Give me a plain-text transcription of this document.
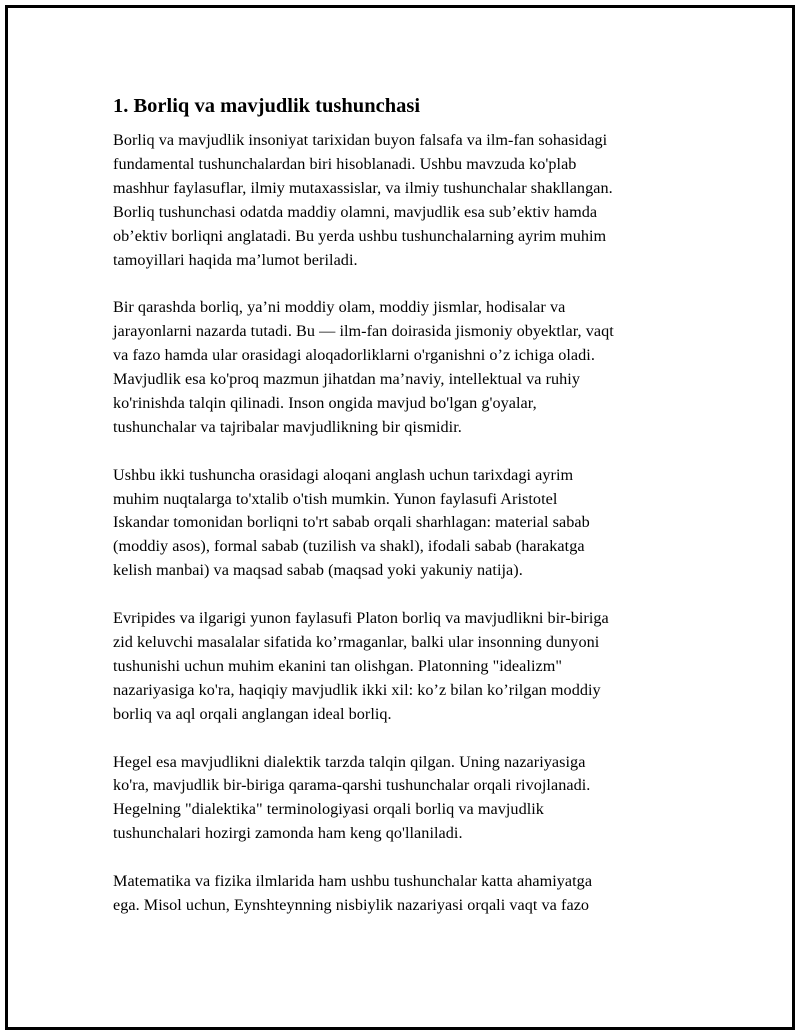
1. Borliq va mavjudlik tushunchasi
Borliq va mavjudlik insoniyat tarixidan buyon falsafa va ilm-fan sohasidagi
fundamental tushunchalardan biri hisoblanadi. Ushbu mavzuda ko'plab
mashhur faylasuflar, ilmiy mutaxassislar, va ilmiy tushunchalar shakllangan.
Borliq tushunchasi odatda maddiy olamni, mavjudlik esa sub’ektiv hamda
ob’ektiv borliqni anglatadi. Bu yerda ushbu tushunchalarning ayrim muhim
tamoyillari haqida ma’lumot beriladi.
Bir qarashda borliq, ya’ni moddiy olam, moddiy jismlar, hodisalar va
jarayonlarni nazarda tutadi. Bu — ilm-fan doirasida jismoniy obyektlar, vaqt
va fazo hamda ular orasidagi aloqadorliklarni o'rganishni o’z ichiga oladi.
Mavjudlik esa ko'proq mazmun jihatdan ma’naviy, intellektual va ruhiy
ko'rinishda talqin qilinadi. Inson ongida mavjud bo'lgan g'oyalar,
tushunchalar va tajribalar mavjudlikning bir qismidir.
Ushbu ikki tushuncha orasidagi aloqani anglash uchun tarixdagi ayrim
muhim nuqtalarga to'xtalib o'tish mumkin. Yunon faylasufi Aristotel
Iskandar tomonidan borliqni to'rt sabab orqali sharhlagan: material sabab
(moddiy asos), formal sabab (tuzilish va shakl), ifodali sabab (harakatga
kelish manbai) va maqsad sabab (maqsad yoki yakuniy natija).
Evripides va ilgarigi yunon faylasufi Platon borliq va mavjudlikni bir-biriga
zid keluvchi masalalar sifatida ko’rmaganlar, balki ular insonning dunyoni
tushunishi uchun muhim ekanini tan olishgan. Platonning "idealizm"
nazariyasiga ko'ra, haqiqiy mavjudlik ikki xil: ko’z bilan ko’rilgan moddiy
borliq va aql orqali anglangan ideal borliq.
Hegel esa mavjudlikni dialektik tarzda talqin qilgan. Uning nazariyasiga
ko'ra, mavjudlik bir-biriga qarama-qarshi tushunchalar orqali rivojlanadi.
Hegelning "dialektika" terminologiyasi orqali borliq va mavjudlik
tushunchalari hozirgi zamonda ham keng qo'llaniladi.
Matematika va fizika ilmlarida ham ushbu tushunchalar katta ahamiyatga
ega. Misol uchun, Eynshteynning nisbiylik nazariyasi orqali vaqt va fazo
